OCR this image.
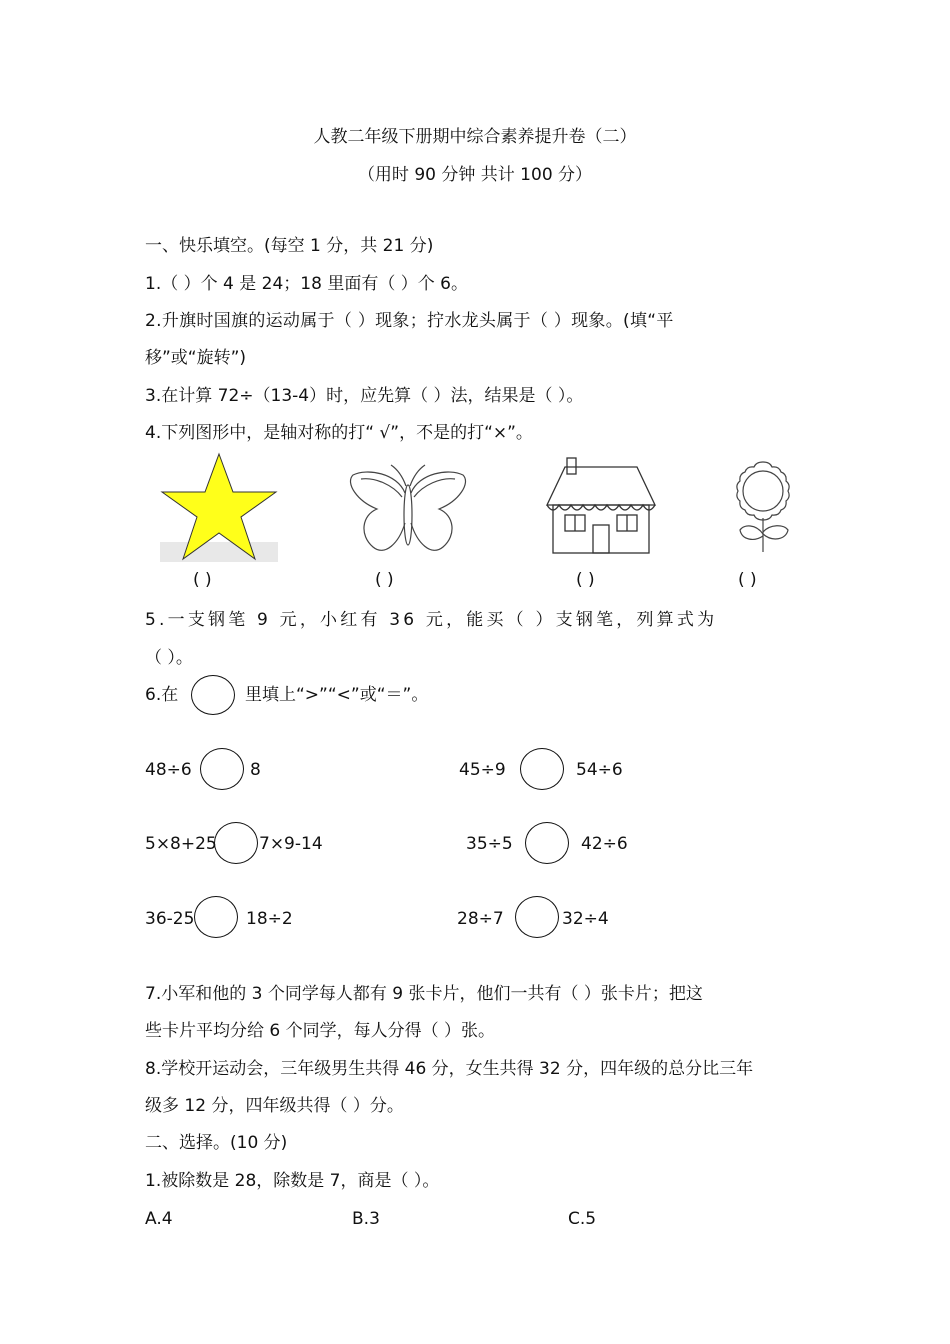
人教二年级下册期中综合素养提升卷（二）
（用时 90 分钟 共计 100 分）
一、快乐填空。(每空 1 分，共 21 分)
1.（ ）个 4 是 24；18 里面有（ ）个 6。
2.升旗时国旗的运动属于（ ）现象；拧水龙头属于（ ）现象。(填“平
移”或“旋转”)
3.在计算 72÷（13-4）时，应先算（ ）法，结果是（ ）。
4.下列图形中，是轴对称的打“ √”，不是的打“×”。
( )	( )	( )	( )
5.一支钢笔 9 元，小红有 36 元，能买（ ）支钢笔，列算式为
（ ）。
6.在	里填上“>”“<”或“＝”。
48÷6	8	45÷9	54÷6
5×8+25 7×9-14	35÷5	42÷6
36-25	18÷2	28÷7	32÷4
7.小军和他的 3 个同学每人都有 9 张卡片，他们一共有（ ）张卡片；把这
些卡片平均分给 6 个同学，每人分得（ ）张。
8.学校开运动会，三年级男生共得 46 分，女生共得 32 分，四年级的总分比三年
级多 12 分，四年级共得（ ）分。
二、选择。(10 分)
1.被除数是 28，除数是 7，商是（ ）。
A.4	B.3	C.5
